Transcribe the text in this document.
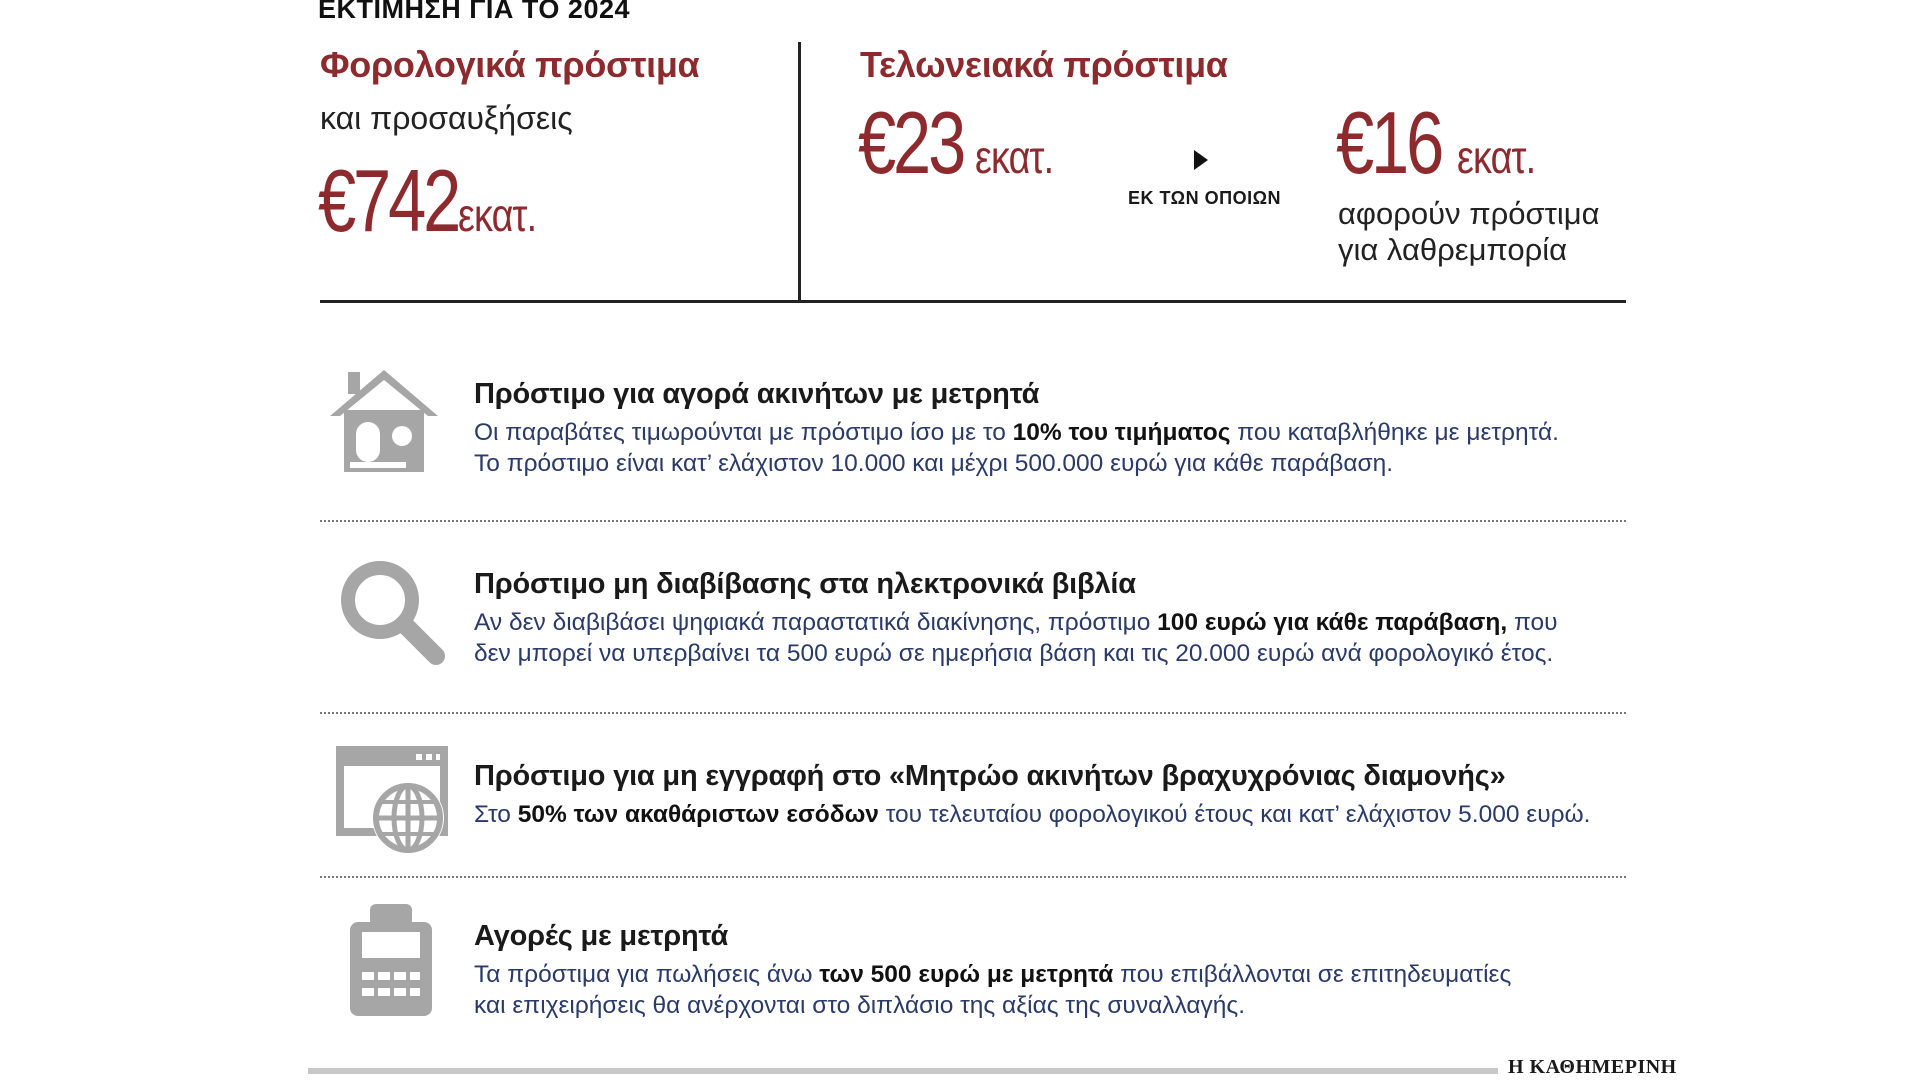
ΕΚΤΙΜΗΣΗ ΓΙΑ ΤΟ 2024
Φορολογικά πρόστιμα
και προσαυξήσεις
€742εκατ.
Τελωνειακά πρόστιμα
€23 εκατ.
ΕΚ ΤΩΝ ΟΠΟΙΩΝ
€16 εκατ.
αφορούν πρόστιμα
για λαθρεμπορία
Πρόστιμο για αγορά ακινήτων με μετρητά

Οι παραβάτες τιμωρούνται με πρόστιμο ίσο με το 10% του τιμήματος που καταβλήθηκε με μετρητά.
Το πρόστιμο είναι κατ’ ελάχιστον 10.000 και μέχρι 500.000 ευρώ για κάθε παράβαση.

Πρόστιμο μη διαβίβασης στα ηλεκτρονικά βιβλία

Αν δεν διαβιβάσει ψηφιακά παραστατικά διακίνησης, πρόστιμο 100 ευρώ για κάθε παράβαση, που
δεν μπορεί να υπερβαίνει τα 500 ευρώ σε ημερήσια βάση και τις 20.000 ευρώ ανά φορολογικό έτος.

Πρόστιμο για μη εγγραφή στο «Μητρώο ακινήτων βραχυχρόνιας διαμονής»

Στο 50% των ακαθάριστων εσόδων του τελευταίου φορολογικού έτους και κατ’ ελάχιστον 5.000 ευρώ.

Αγορές με μετρητά

Τα πρόστιμα για πωλήσεις άνω των 500 ευρώ με μετρητά που επιβάλλονται σε επιτηδευματίες
και επιχειρήσεις θα ανέρχονται στο διπλάσιο της αξίας της συναλλαγής.

Η ΚΑΘΗΜΕΡΙΝΗ
